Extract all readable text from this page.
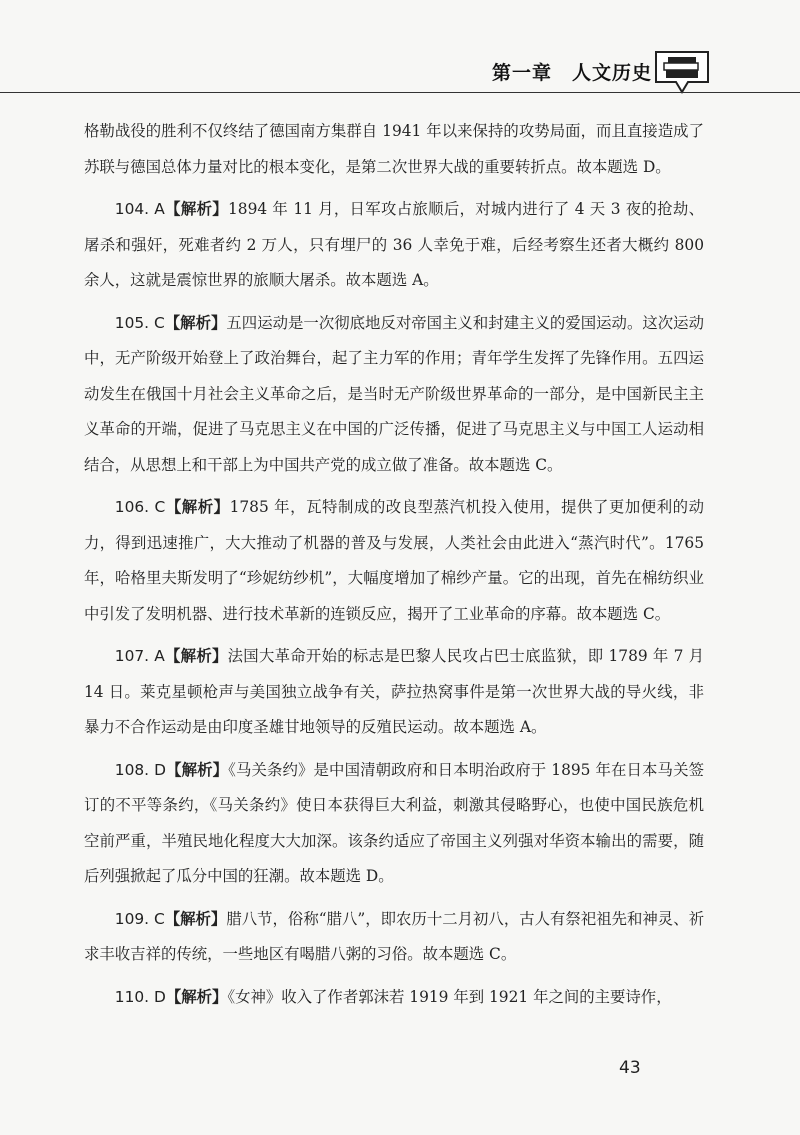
第一章　人文历史

格勒战役的胜利不仅终结了德国南方集群自 1941 年以来保持的攻势局面，而且直接造成了苏联与德国总体力量对比的根本变化，是第二次世界大战的重要转折点。故本题选 D。

104. A【解析】1894 年 11 月，日军攻占旅顺后，对城内进行了 4 天 3 夜的抢劫、屠杀和强奸，死难者约 2 万人，只有埋尸的 36 人幸免于难，后经考察生还者大概约 800 余人，这就是震惊世界的旅顺大屠杀。故本题选 A。

105. C【解析】五四运动是一次彻底地反对帝国主义和封建主义的爱国运动。这次运动中，无产阶级开始登上了政治舞台，起了主力军的作用；青年学生发挥了先锋作用。五四运动发生在俄国十月社会主义革命之后，是当时无产阶级世界革命的一部分，是中国新民主主义革命的开端，促进了马克思主义在中国的广泛传播，促进了马克思主义与中国工人运动相结合，从思想上和干部上为中国共产党的成立做了准备。故本题选 C。

106. C【解析】1785 年，瓦特制成的改良型蒸汽机投入使用，提供了更加便利的动力，得到迅速推广，大大推动了机器的普及与发展，人类社会由此进入“蒸汽时代”。1765 年，哈格里夫斯发明了“珍妮纺纱机”，大幅度增加了棉纱产量。它的出现，首先在棉纺织业中引发了发明机器、进行技术革新的连锁反应，揭开了工业革命的序幕。故本题选 C。

107. A【解析】法国大革命开始的标志是巴黎人民攻占巴士底监狱，即 1789 年 7 月 14 日。莱克星顿枪声与美国独立战争有关，萨拉热窝事件是第一次世界大战的导火线，非暴力不合作运动是由印度圣雄甘地领导的反殖民运动。故本题选 A。

108. D【解析】《马关条约》是中国清朝政府和日本明治政府于 1895 年在日本马关签订的不平等条约，《马关条约》使日本获得巨大利益，刺激其侵略野心，也使中国民族危机空前严重，半殖民地化程度大大加深。该条约适应了帝国主义列强对华资本输出的需要，随后列强掀起了瓜分中国的狂潮。故本题选 D。

109. C【解析】腊八节，俗称“腊八”，即农历十二月初八，古人有祭祀祖先和神灵、祈求丰收吉祥的传统，一些地区有喝腊八粥的习俗。故本题选 C。

110. D【解析】《女神》收入了作者郭沫若 1919 年到 1921 年之间的主要诗作，

43
